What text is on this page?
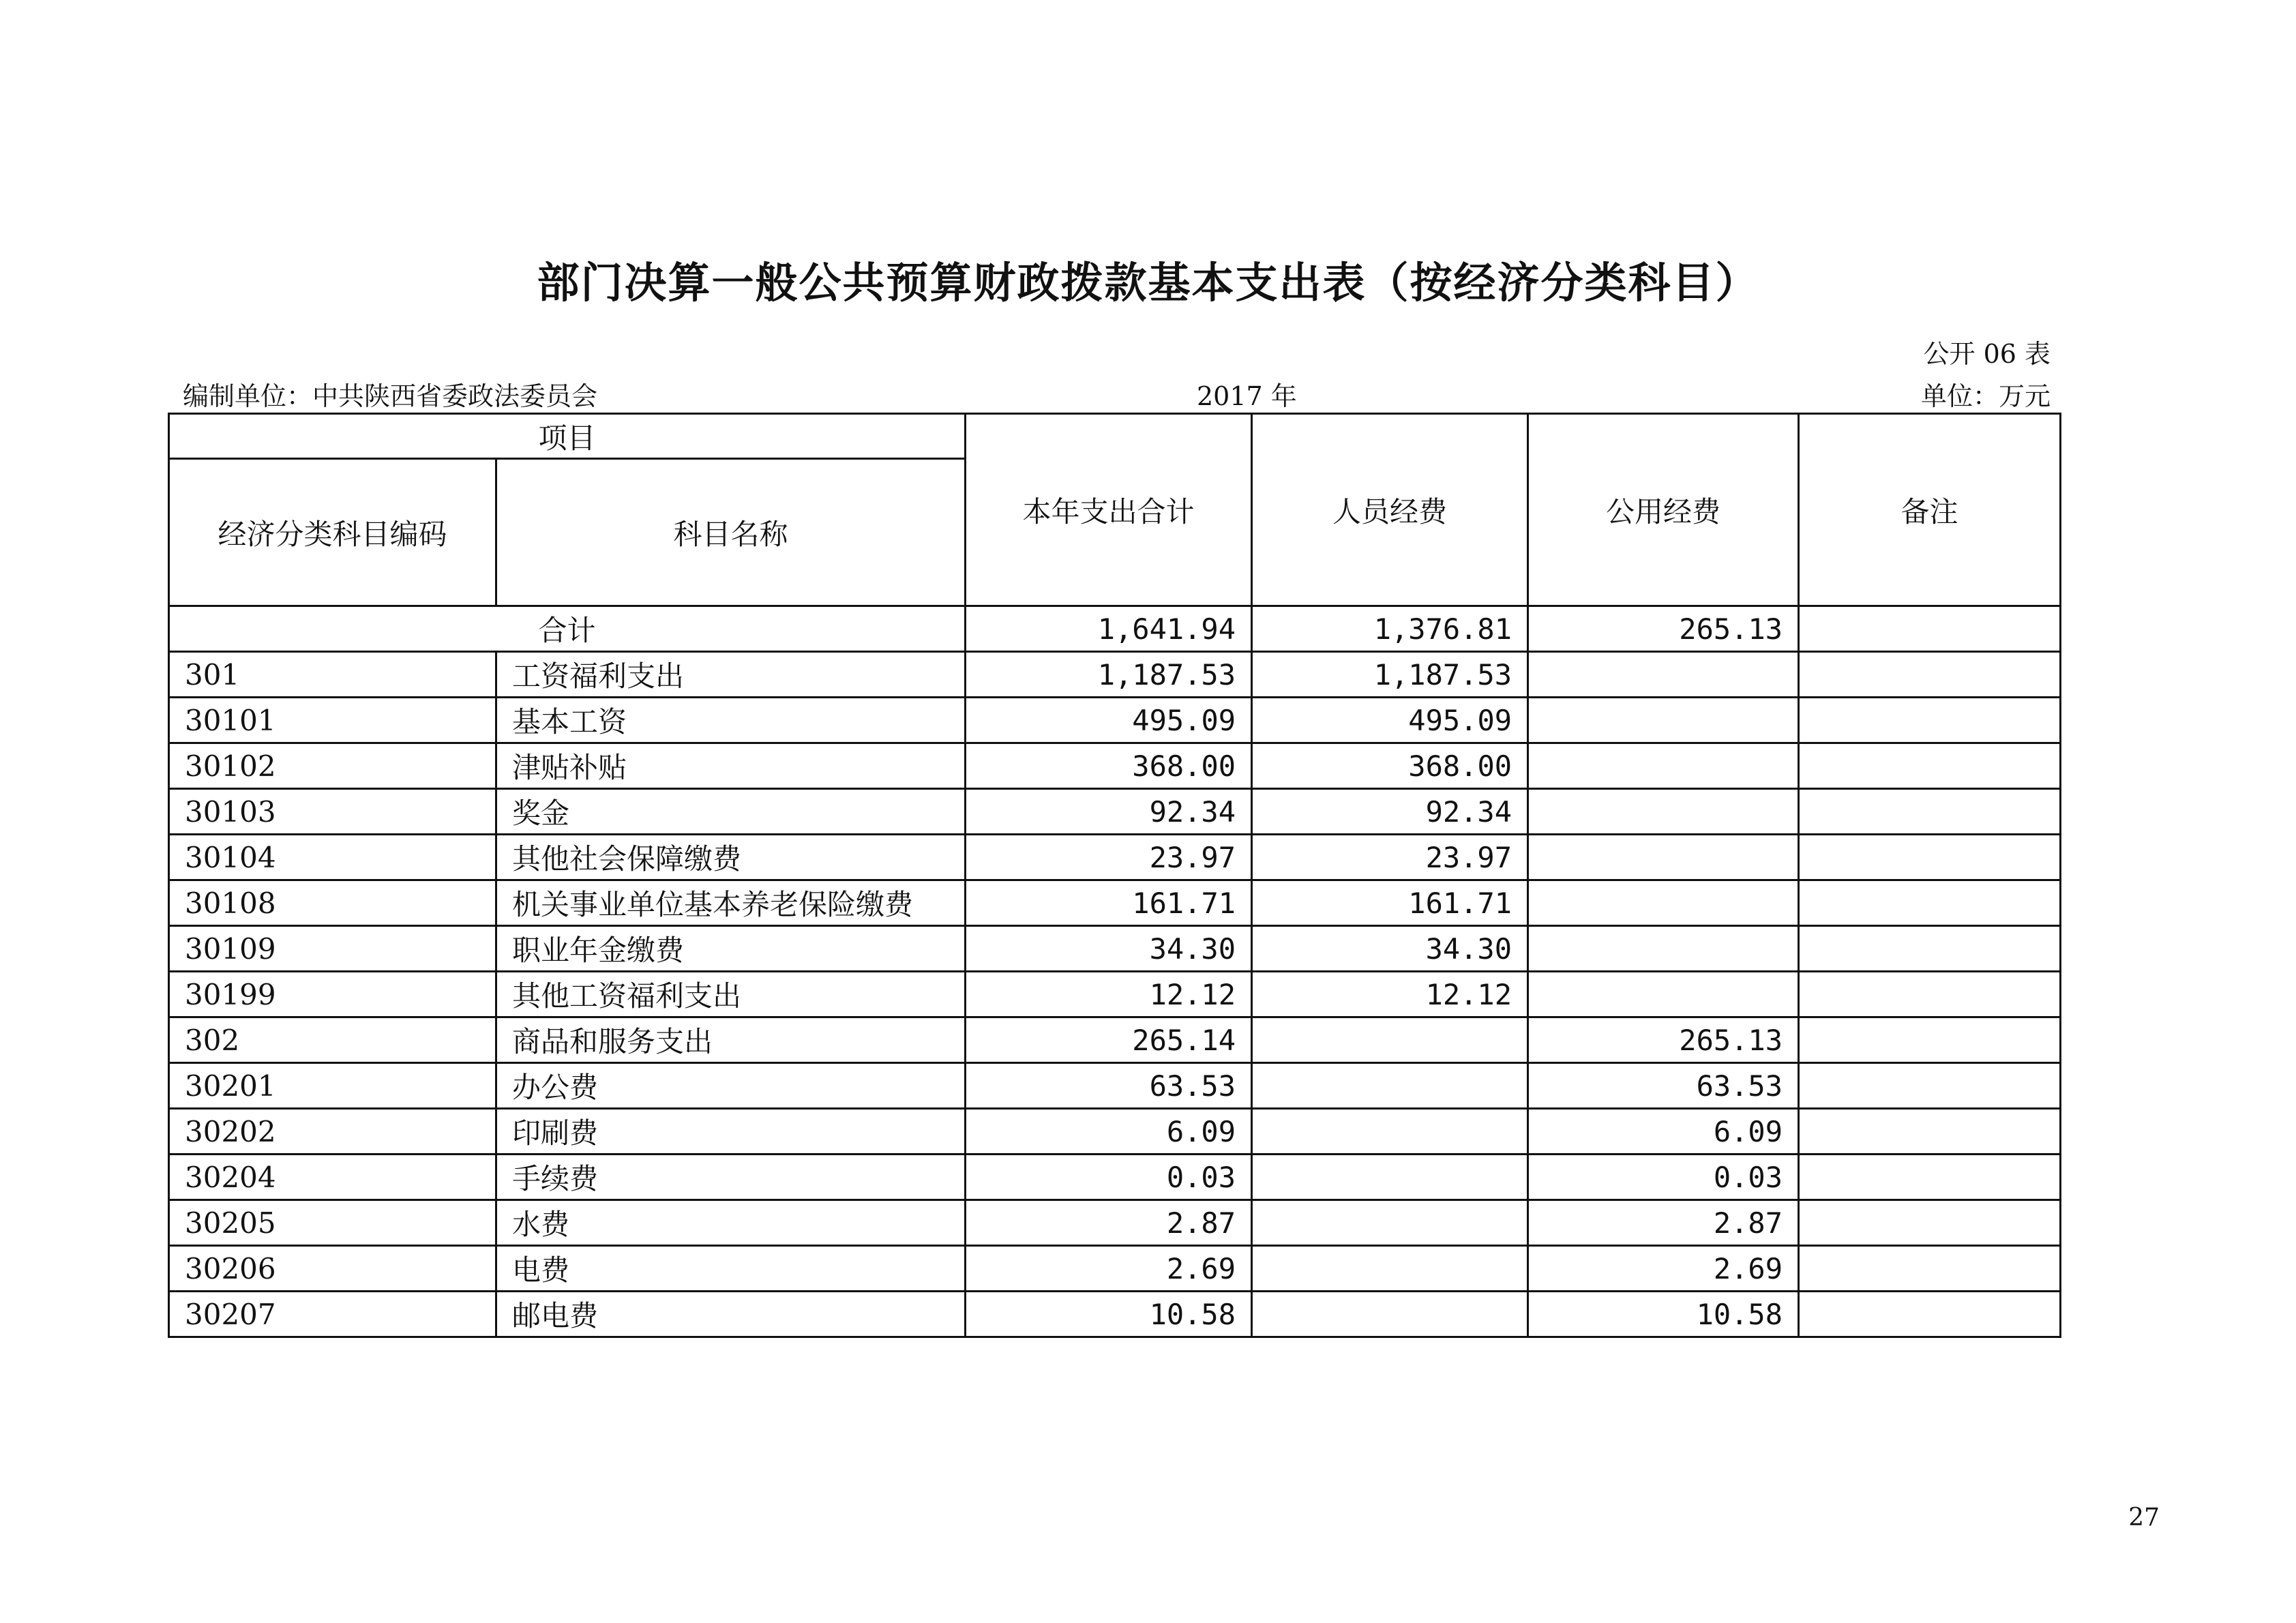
部门决算一般公共预算财政拨款基本支出表（按经济分类科目）
公开 06 表
编制单位：中共陕西省委政法委员会	2017 年	单位：万元
项目		本年支出合计	人员经费	公用经费	备注
经济分类科目编码	科目名称				
合计		1,641.94	1,376.81	265.13	
301	工资福利支出	1,187.53	1,187.53		
30101	基本工资	495.09	495.09		
30102	津贴补贴	368.00	368.00		
30103	奖金	92.34	92.34		
30104	其他社会保障缴费	23.97	23.97		
30108	机关事业单位基本养老保险缴费	161.71	161.71		
30109	职业年金缴费	34.30	34.30		
30199	其他工资福利支出	12.12	12.12		
302	商品和服务支出	265.14		265.13	
30201	办公费	63.53		63.53	
30202	印刷费	6.09		6.09	
30204	手续费	0.03		0.03	
30205	水费	2.87		2.87	
30206	电费	2.69		2.69	
30207	邮电费	10.58		10.58	
27
